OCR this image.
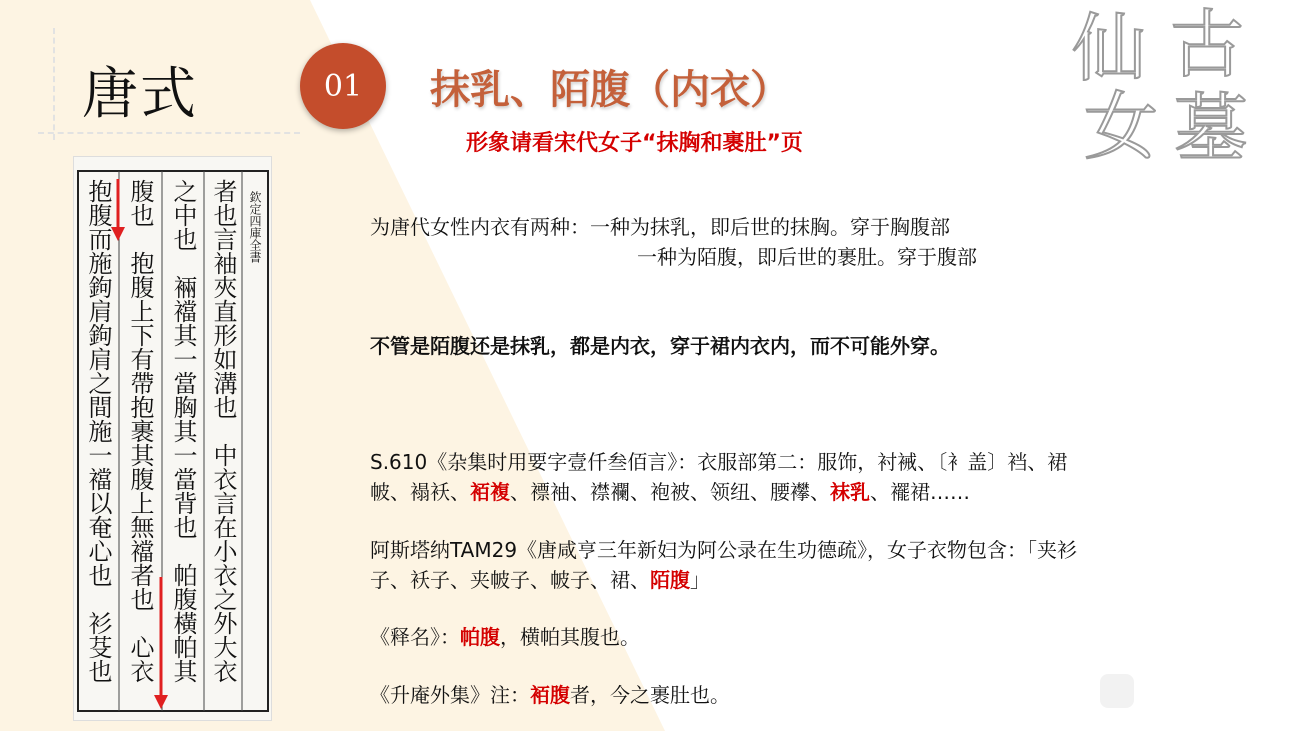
唐式	01 抹乳、陌腹（内衣）
形象请看宋代女子“抹胸和裹肚”页
古
仙
墓
女
欽定四庫全書
者也言袖夾直形如溝也　中衣言在小衣之外大衣
之中也　裲襠其一當胸其一當背也　帕腹橫帕其
腹也　抱腹上下有帶抱裹其腹上無襠者也　心衣
抱腹而施鉤肩鉤肩之間施一襠以奄心也　衫芟也	为唐代女性内衣有两种：一种为抹乳，即后世的抹胸。穿于胸腹部
一种为陌腹，即后世的裹肚。穿于腹部
不管是陌腹还是抹乳，都是内衣，穿于裙内衣内，而不可能外穿。
S.610《杂集时用要字壹仟叁佰言》：衣服部第二：服饰，衬裓、〔衤盖〕裆、裙
帔、褟袄、袹複、褾袖、襟襴、袍被、领纽、腰襻、袜乳、襬裙……
阿斯塔纳TAM29《唐咸亨三年新妇为阿公录在生功德疏》，女子衣物包含：「夹衫
子、袄子、夹帔子、帔子、裙、陌腹」
《释名》：帕腹，横帕其腹也。
《升庵外集》注：袹腹者，今之裹肚也。
